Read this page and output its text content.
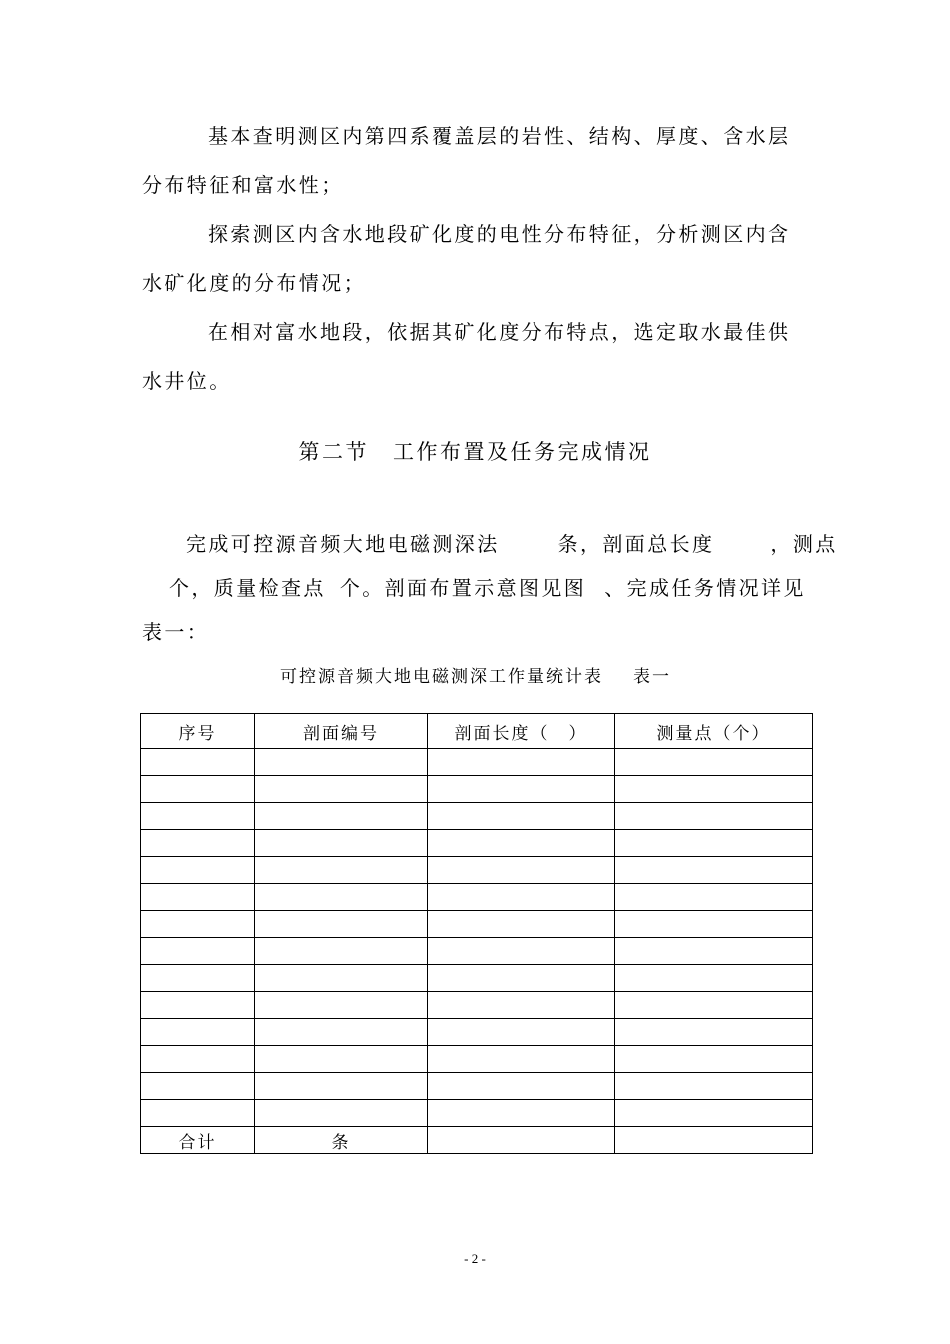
基本查明测区内第四系覆盖层的岩性、结构、厚度、含水层分布特征和富水性；

探索测区内含水地段矿化度的电性分布特征，分析测区内含水矿化度的分布情况；

在相对富水地段，依据其矿化度分布特点，选定取水最佳供水井位。

第二节 工作布置及任务完成情况

完成可控源音频大地电磁测深法	条，剖面总长度	，测点

个，质量检查点 个。剖面布置示意图见图 、完成任务情况详见

表一：

可控源音频大地电磁测深工作量统计表 表一

序号	剖面编号	剖面长度（　）	测量点（个）

合计	条		
- 2 -
